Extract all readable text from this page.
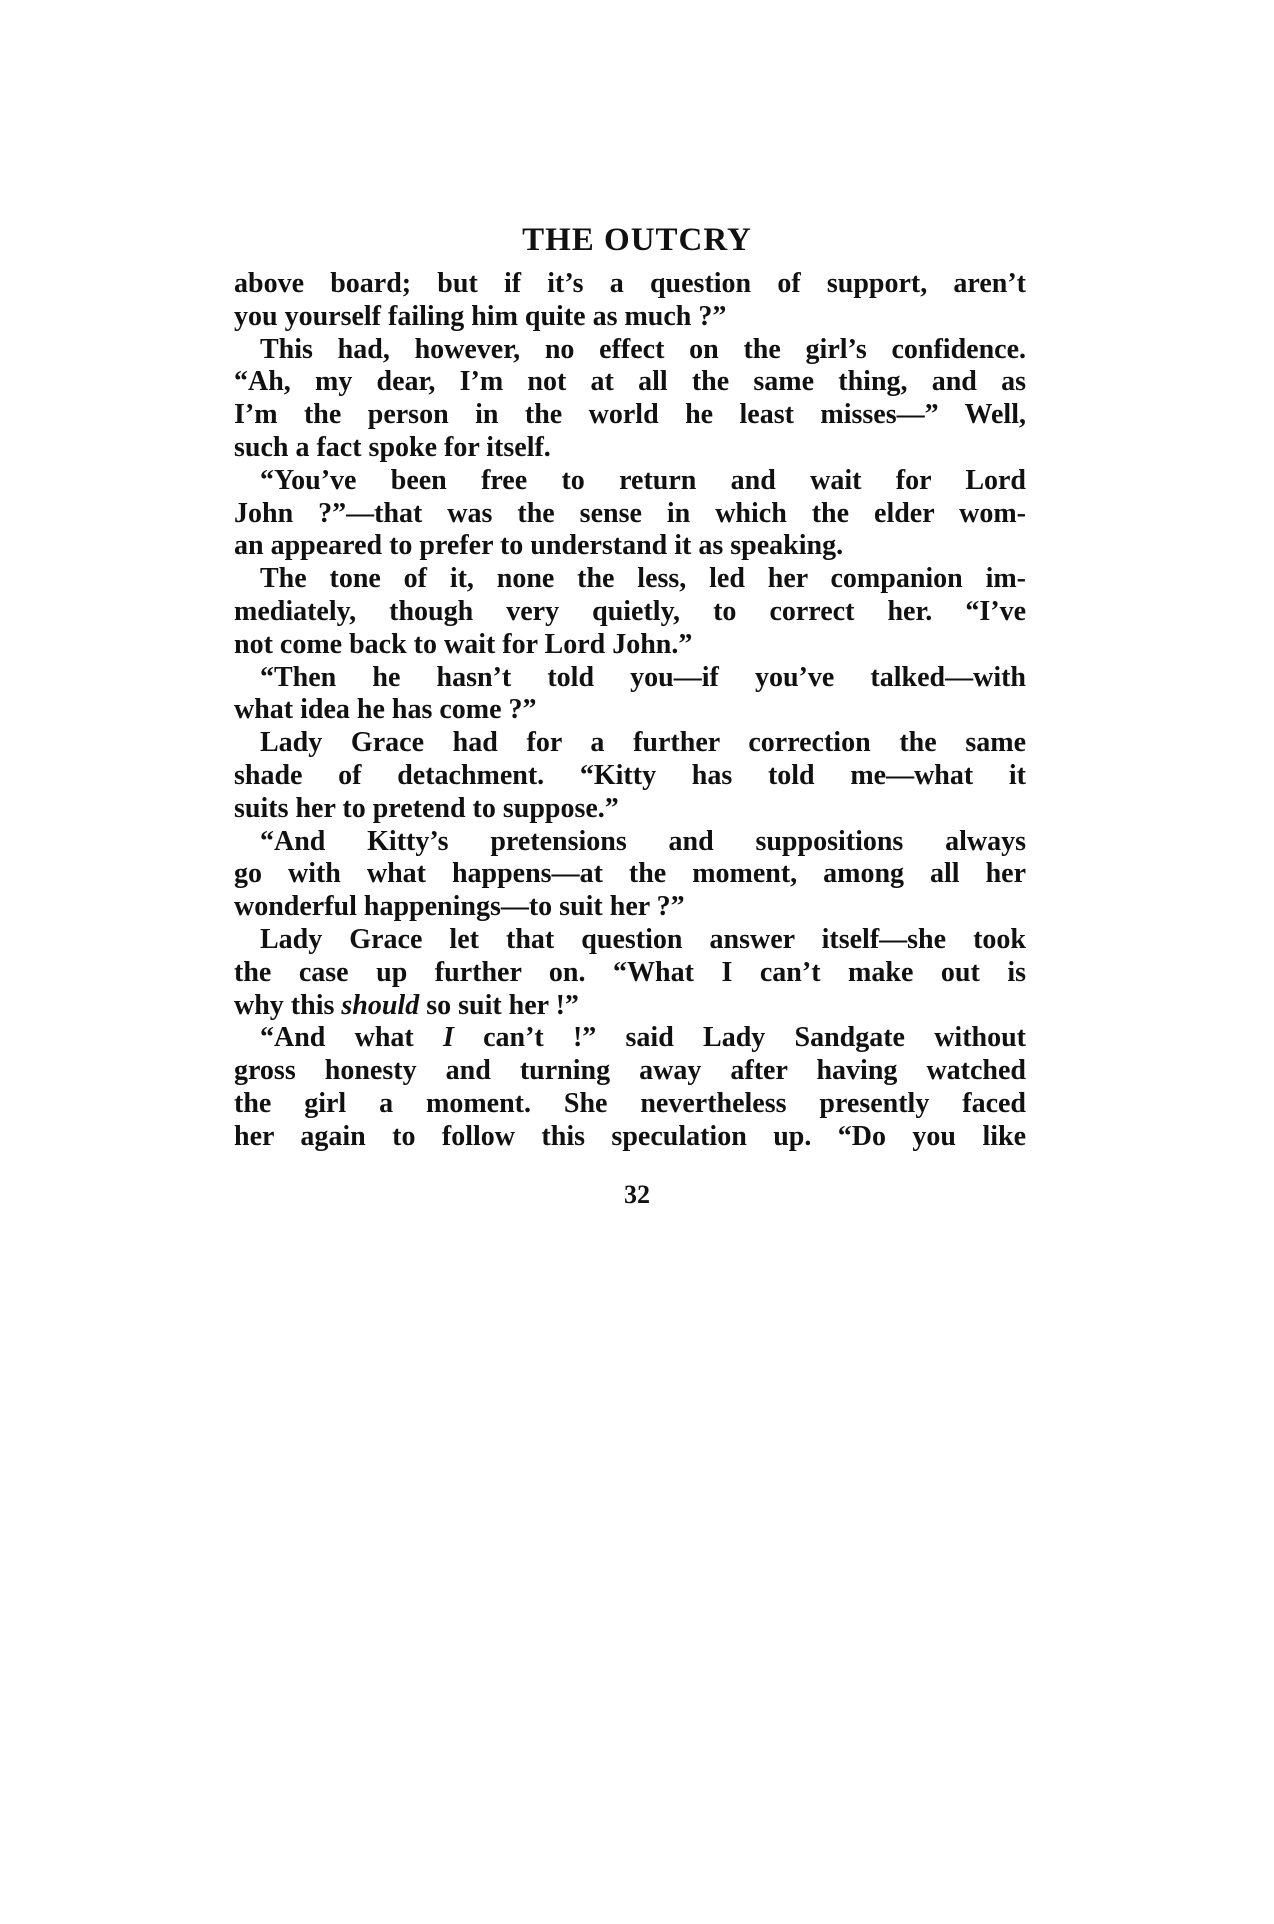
THE OUTCRY
above board; but if it’s a question of support, aren’t
you yourself failing him quite as much ?”
This had, however, no effect on the girl’s confidence.
“Ah, my dear, I’m not at all the same thing, and as
I’m the person in the world he least misses—” Well,
such a fact spoke for itself.
“You’ve been free to return and wait for Lord
John ?”—that was the sense in which the elder wom-
an appeared to prefer to understand it as speaking.
The tone of it, none the less, led her companion im-
mediately, though very quietly, to correct her. “I’ve
not come back to wait for Lord John.”
“Then he hasn’t told you—if you’ve talked—with
what idea he has come ?”
Lady Grace had for a further correction the same
shade of detachment. “Kitty has told me—what it
suits her to pretend to suppose.”
“And Kitty’s pretensions and suppositions always
go with what happens—at the moment, among all her
wonderful happenings—to suit her ?”
Lady Grace let that question answer itself—she took
the case up further on. “What I can’t make out is
why this should so suit her !”
“And what I can’t !” said Lady Sandgate without
gross honesty and turning away after having watched
the girl a moment. She nevertheless presently faced
her again to follow this speculation up. “Do you like
32
